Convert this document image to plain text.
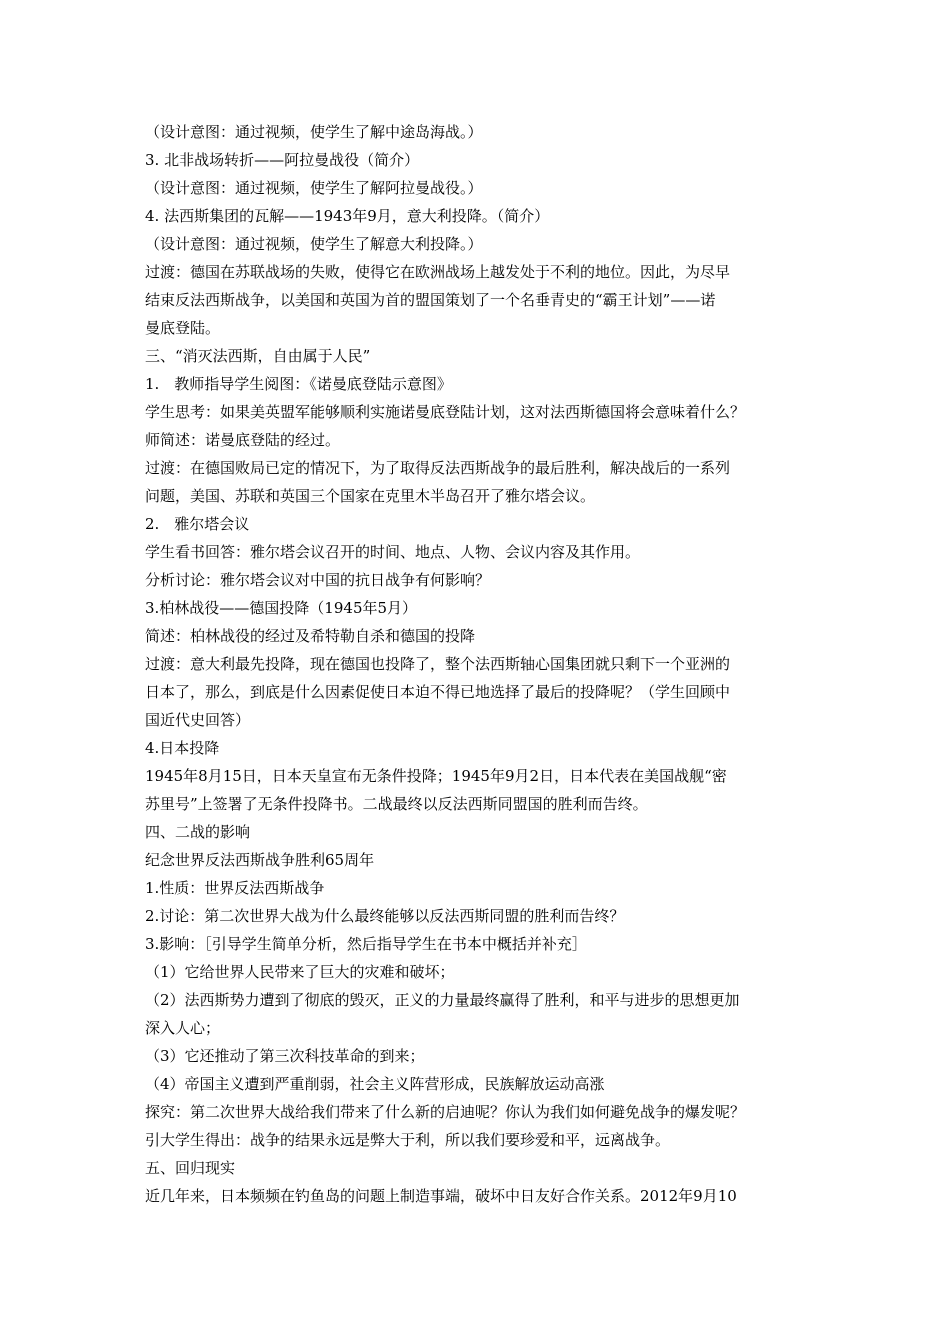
（设计意图：通过视频，使学生了解中途岛海战。）

3. 北非战场转折——阿拉曼战役（简介）

（设计意图：通过视频，使学生了解阿拉曼战役。）

4. 法西斯集团的瓦解——1943年9月，意大利投降。（简介）

（设计意图：通过视频，使学生了解意大利投降。）

过渡：德国在苏联战场的失败，使得它在欧洲战场上越发处于不利的地位。因此，为尽早

结束反法西斯战争，以美国和英国为首的盟国策划了一个名垂青史的“霸王计划”——诺

曼底登陆。

三、“消灭法西斯，自由属于人民”

1.　教师指导学生阅图：《诺曼底登陆示意图》

学生思考：如果美英盟军能够顺利实施诺曼底登陆计划，这对法西斯德国将会意味着什么？

师简述：诺曼底登陆的经过。

过渡：在德国败局已定的情况下，为了取得反法西斯战争的最后胜利，解决战后的一系列

问题，美国、苏联和英国三个国家在克里木半岛召开了雅尔塔会议。

2.　雅尔塔会议

学生看书回答：雅尔塔会议召开的时间、地点、人物、会议内容及其作用。

分析讨论：雅尔塔会议对中国的抗日战争有何影响？

3.柏林战役——德国投降（1945年5月）

简述：柏林战役的经过及希特勒自杀和德国的投降

过渡：意大利最先投降，现在德国也投降了，整个法西斯轴心国集团就只剩下一个亚洲的

日本了，那么，到底是什么因素促使日本迫不得已地选择了最后的投降呢？（学生回顾中

国近代史回答）

4.日本投降

1945年8月15日，日本天皇宣布无条件投降；1945年9月2日，日本代表在美国战舰“密

苏里号”上签署了无条件投降书。二战最终以反法西斯同盟国的胜利而告终。

四、二战的影响

纪念世界反法西斯战争胜利65周年

1.性质：世界反法西斯战争

2.讨论：第二次世界大战为什么最终能够以反法西斯同盟的胜利而告终？

3.影响：［引导学生简单分析，然后指导学生在书本中概括并补充］

（1）它给世界人民带来了巨大的灾难和破坏；

（2）法西斯势力遭到了彻底的毁灭，正义的力量最终赢得了胜利，和平与进步的思想更加

深入人心；

（3）它还推动了第三次科技革命的到来；

（4）帝国主义遭到严重削弱，社会主义阵营形成，民族解放运动高涨

探究：第二次世界大战给我们带来了什么新的启迪呢？你认为我们如何避免战争的爆发呢？

引大学生得出：战争的结果永远是弊大于利，所以我们要珍爱和平，远离战争。

五、回归现实

近几年来，日本频频在钓鱼岛的问题上制造事端，破坏中日友好合作关系。2012年9月10
